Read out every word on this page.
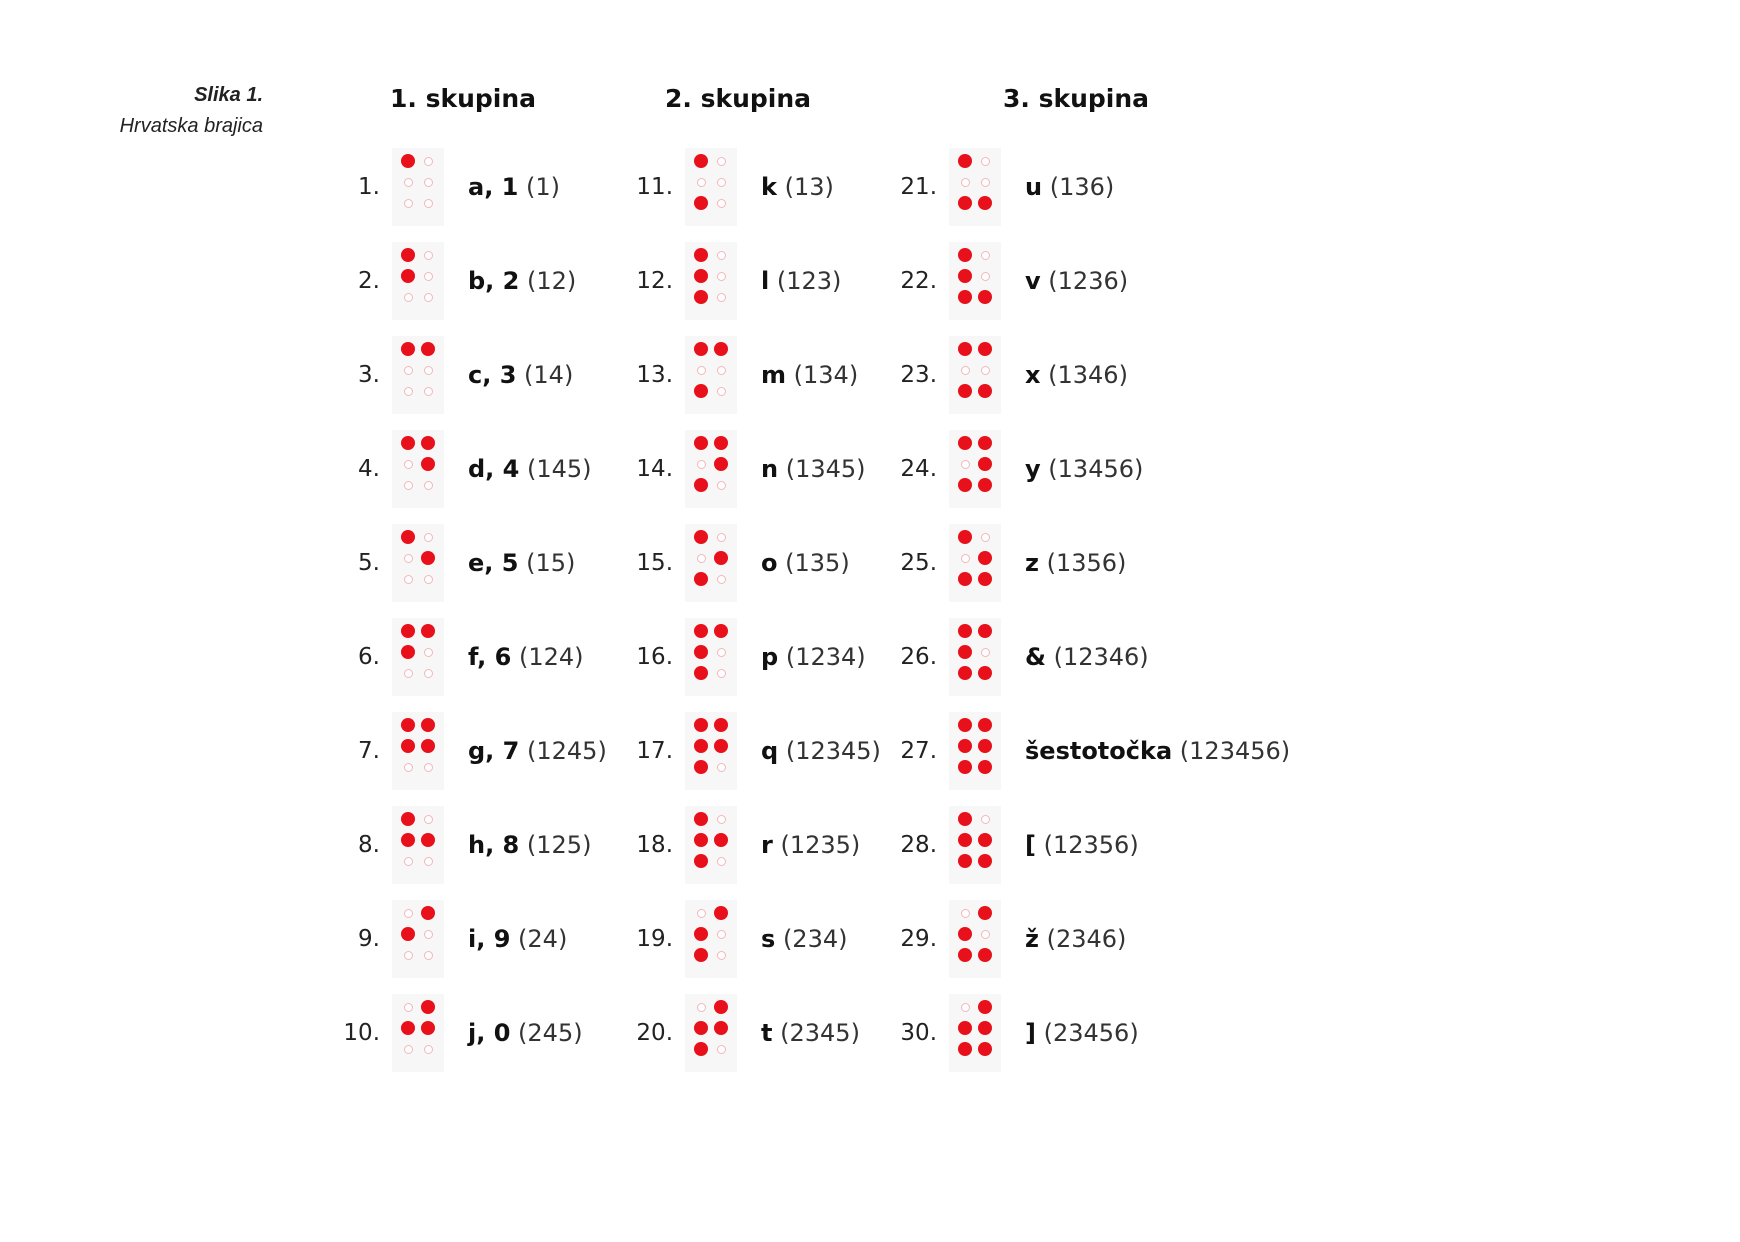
Slika 1.
Hrvatska brajica
1. skupina
1.	a, 1 (1)
2.	b, 2 (12)
3.	c, 3 (14)
4.	d, 4 (145)
5.	e, 5 (15)
6.	f, 6 (124)
7.	g, 7 (1245)
8.	h, 8 (125)
9.	i, 9 (24)
10.	j, 0 (245)
2. skupina
11.	k (13)
12.	l (123)
13.	m (134)
14.	n (1345)
15.	o (135)
16.	p (1234)
17.	q (12345)
18.	r (1235)
19.	s (234)
20.	t (2345)
3. skupina
21.	u (136)
22.	v (1236)
23.	x (1346)
24.	y (13456)
25.	z (1356)
26.	& (12346)
27.	šestotočka (123456)
28.	[ (12356)
29.	ž (2346)
30.	] (23456)
